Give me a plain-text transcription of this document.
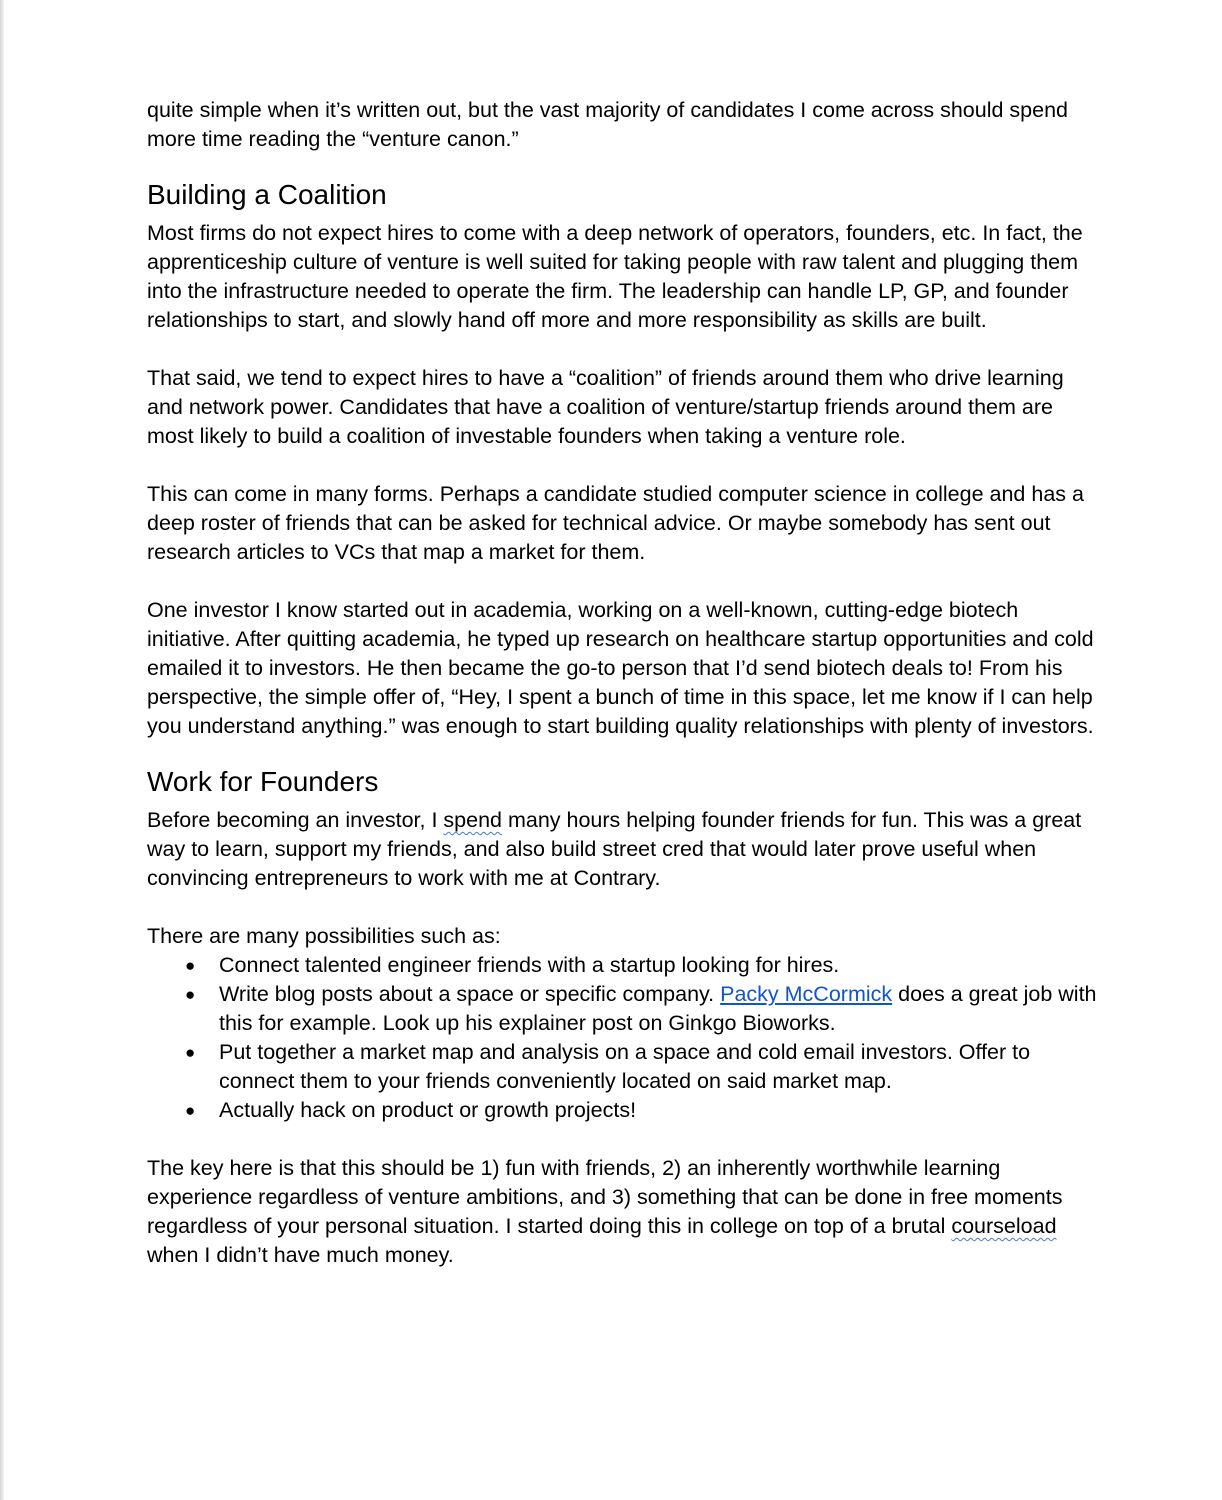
quite simple when it’s written out, but the vast majority of candidates I come across should spend more time reading the “venture canon.”

Building a Coalition

Most firms do not expect hires to come with a deep network of operators, founders, etc. In fact, the apprenticeship culture of venture is well suited for taking people with raw talent and plugging them into the infrastructure needed to operate the firm. The leadership can handle LP, GP, and founder relationships to start, and slowly hand off more and more responsibility as skills are built.

That said, we tend to expect hires to have a “coalition” of friends around them who drive learning and network power. Candidates that have a coalition of venture/startup friends around them are most likely to build a coalition of investable founders when taking a venture role.

This can come in many forms. Perhaps a candidate studied computer science in college and has a deep roster of friends that can be asked for technical advice. Or maybe somebody has sent out research articles to VCs that map a market for them.

One investor I know started out in academia, working on a well-known, cutting-edge biotech initiative. After quitting academia, he typed up research on healthcare startup opportunities and cold emailed it to investors. He then became the go-to person that I’d send biotech deals to! From his perspective, the simple offer of, “Hey, I spent a bunch of time in this space, let me know if I can help you understand anything.” was enough to start building quality relationships with plenty of investors.

Work for Founders

Before becoming an investor, I spend many hours helping founder friends for fun. This was a great way to learn, support my friends, and also build street cred that would later prove useful when convincing entrepreneurs to work with me at Contrary.

There are many possibilities such as:

● Connect talented engineer friends with a startup looking for hires.
● Write blog posts about a space or specific company. Packy McCormick does a great job with this for example. Look up his explainer post on Ginkgo Bioworks.
● Put together a market map and analysis on a space and cold email investors. Offer to connect them to your friends conveniently located on said market map.
● Actually hack on product or growth projects!

The key here is that this should be 1) fun with friends, 2) an inherently worthwhile learning experience regardless of venture ambitions, and 3) something that can be done in free moments regardless of your personal situation. I started doing this in college on top of a brutal courseload when I didn’t have much money.
